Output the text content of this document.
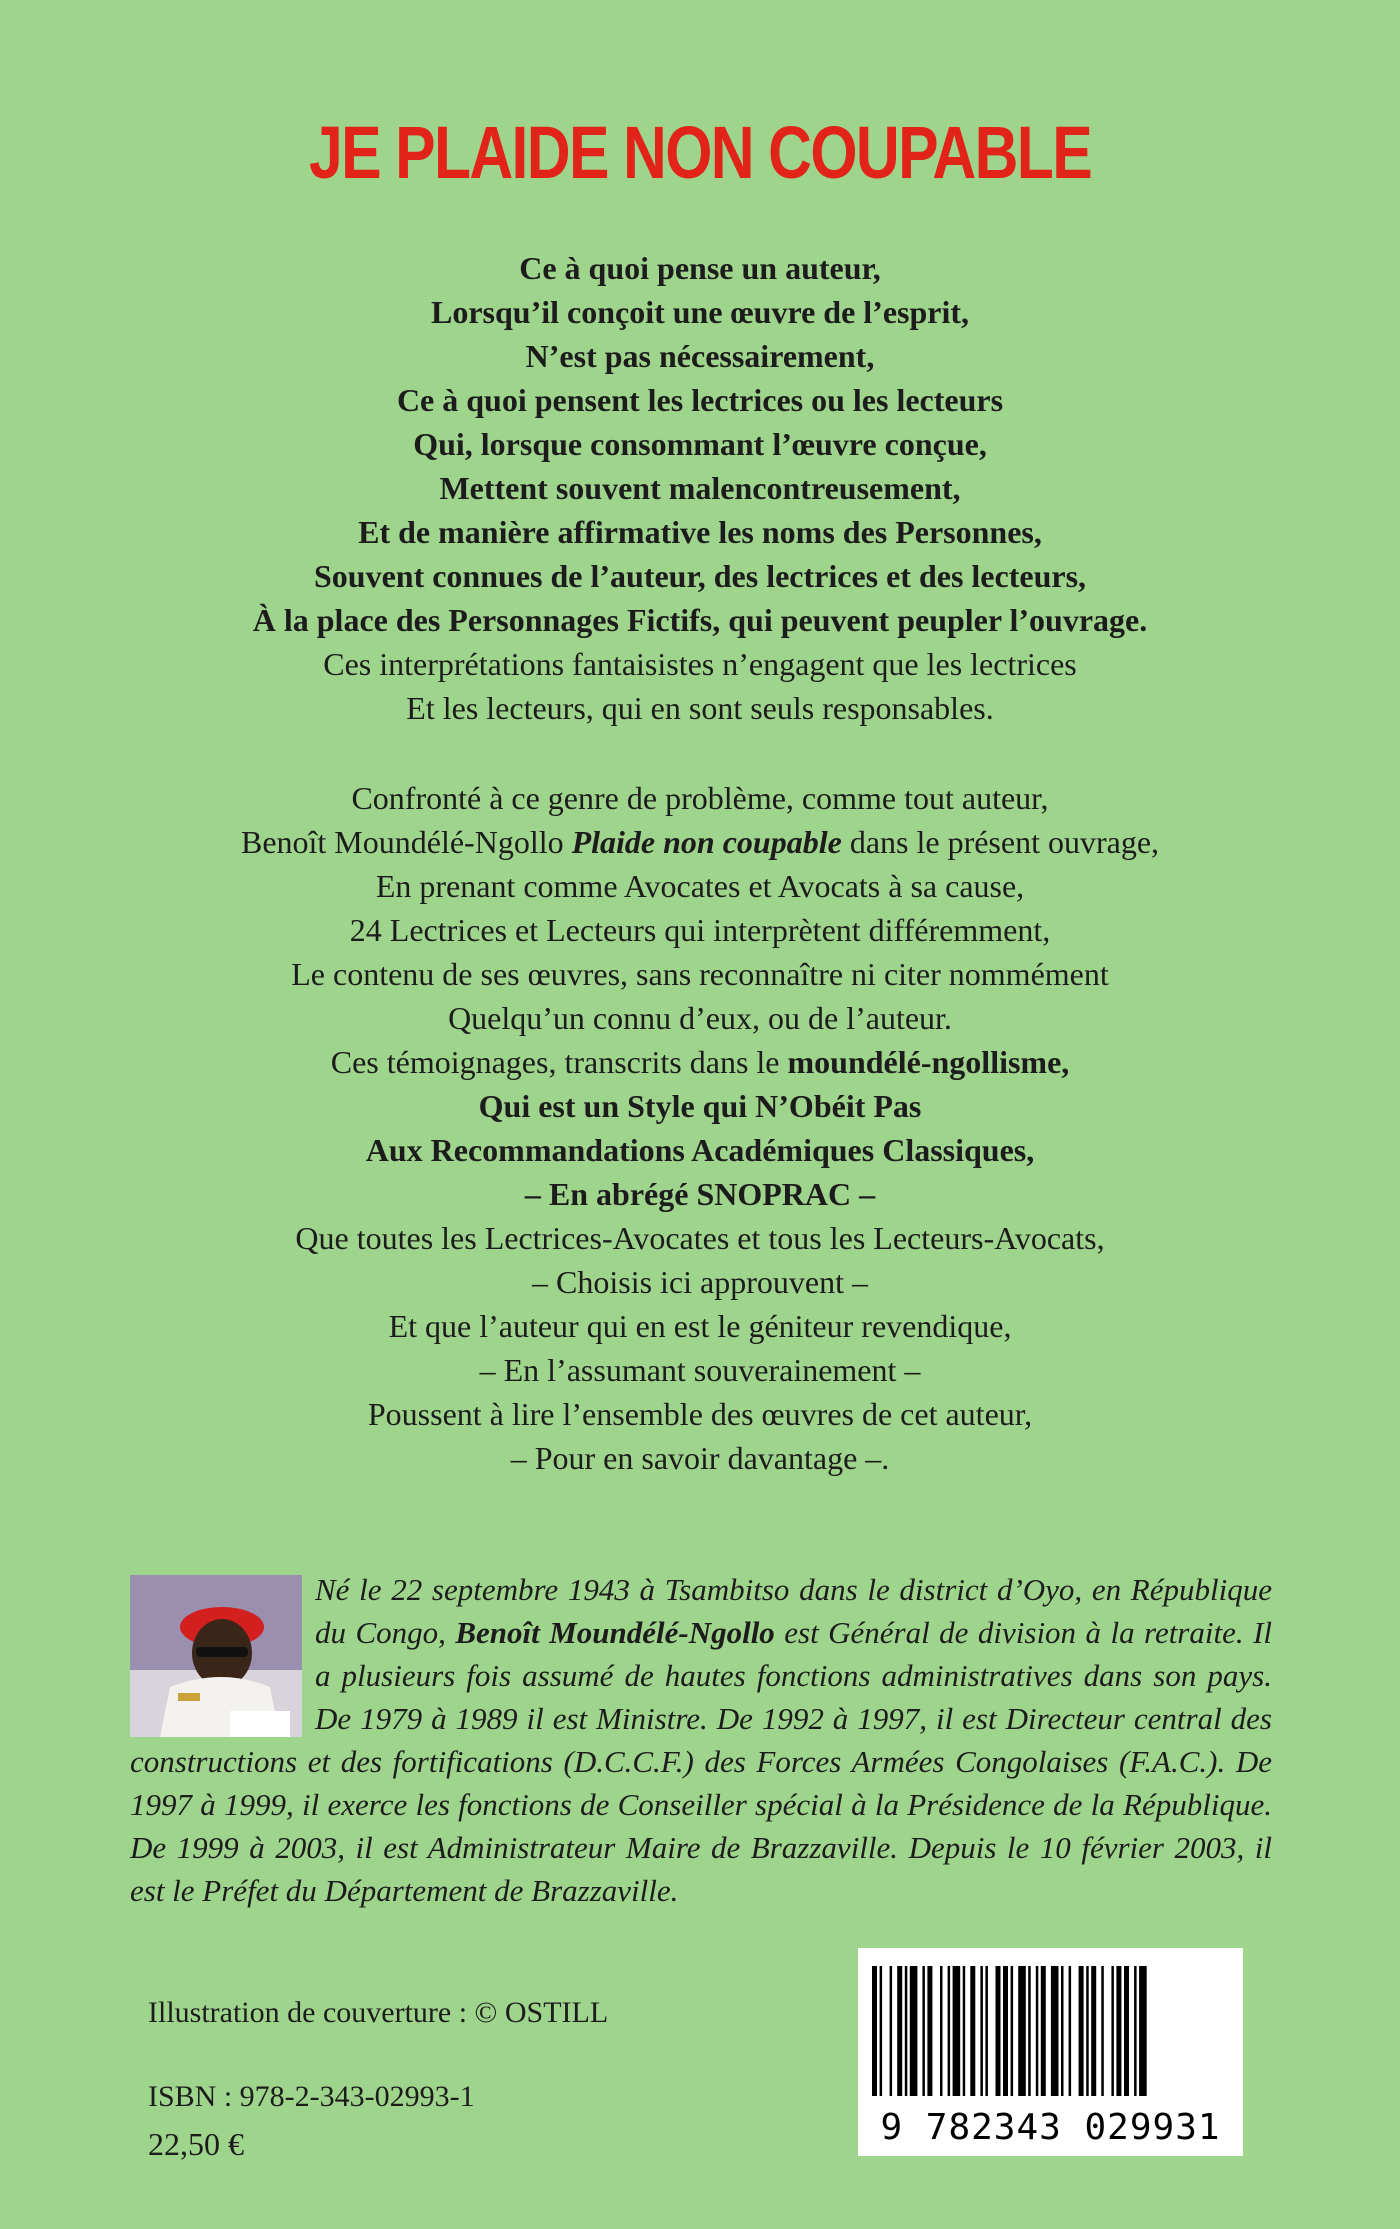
JE PLAIDE NON COUPABLE

Ce à quoi pense un auteur,

Lorsqu’il conçoit une œuvre de l’esprit,

N’est pas nécessairement,

Ce à quoi pensent les lectrices ou les lecteurs

Qui, lorsque consommant l’œuvre conçue,

Mettent souvent malencontreusement,

Et de manière affirmative les noms des Personnes,

Souvent connues de l’auteur, des lectrices et des lecteurs,

À la place des Personnages Fictifs, qui peuvent peupler l’ouvrage.

Ces interprétations fantaisistes n’engagent que les lectrices

Et les lecteurs, qui en sont seuls responsables.

Confronté à ce genre de problème, comme tout auteur,

Benoît Moundélé-Ngollo Plaide non coupable dans le présent ouvrage,

En prenant comme Avocates et Avocats à sa cause,

24 Lectrices et Lecteurs qui interprètent différemment,

Le contenu de ses œuvres, sans reconnaître ni citer nommément

Quelqu’un connu d’eux, ou de l’auteur.

Ces témoignages, transcrits dans le moundélé-ngollisme,

Qui est un Style qui N’Obéit Pas

Aux Recommandations Académiques Classiques,

– En abrégé SNOPRAC –

Que toutes les Lectrices-Avocates et tous les Lecteurs-Avocats,

– Choisis ici approuvent –

Et que l’auteur qui en est le géniteur revendique,

– En l’assumant souverainement –

Poussent à lire l’ensemble des œuvres de cet auteur,

– Pour en savoir davantage –.

Né le 22 septembre 1943 à Tsambitso dans le district d’Oyo, en République du Congo, Benoît Moundélé-Ngollo est Général de division à la retraite. Il a plusieurs fois assumé de hautes fonctions administratives dans son pays. De 1979 à 1989 il est Ministre. De 1992 à 1997, il est Directeur central des constructions et des fortifications (D.C.C.F.) des Forces Armées Congolaises (F.A.C.). De 1997 à 1999, il exerce les fonctions de Conseiller spécial à la Présidence de la République. De 1999 à 2003, il est Administrateur Maire de Brazzaville. Depuis le 10 février 2003, il est le Préfet du Département de Brazzaville.

Illustration de couverture : © OSTILL

ISBN : 978-2-343-02993-1

22,50 €	9 782343 029931
